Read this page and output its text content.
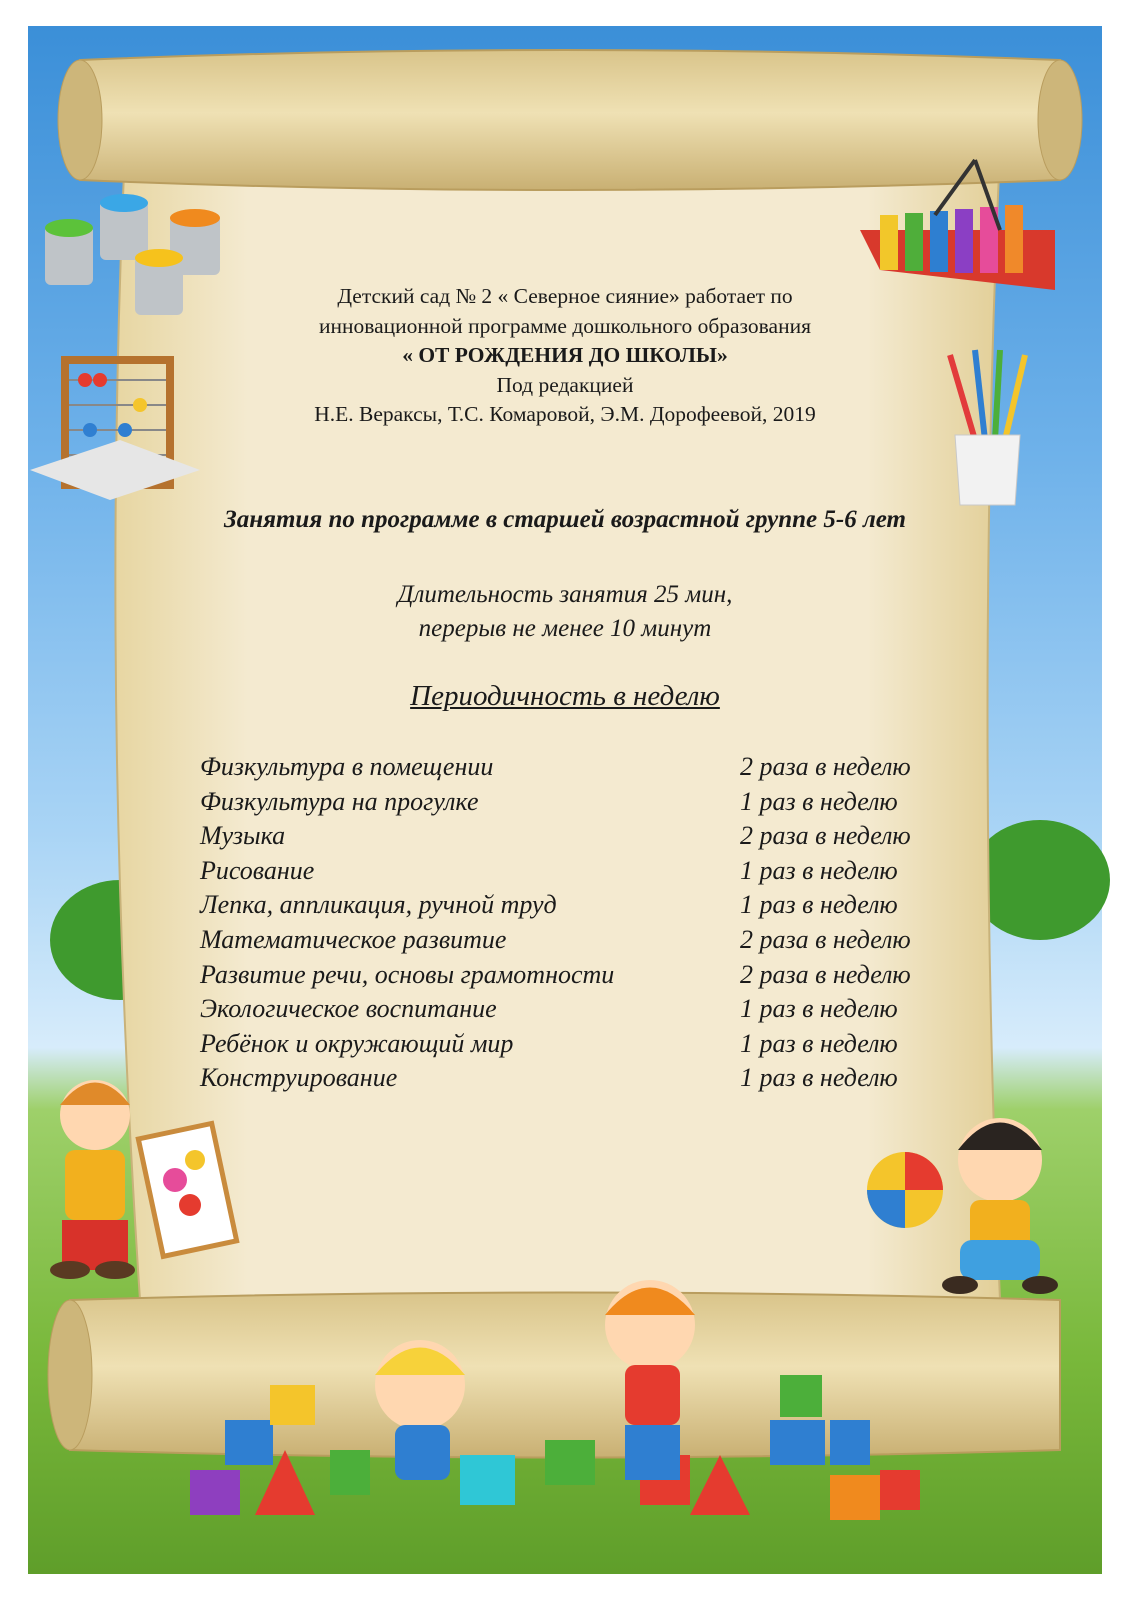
Детский сад № 2 « Северное сияние» работает по
инновационной программе дошкольного образования
« ОТ РОЖДЕНИЯ ДО ШКОЛЫ»
Под редакцией
Н.Е. Вераксы, Т.С. Комаровой, Э.М. Дорофеевой, 2019
Занятия по программе в старшей возрастной группе 5-6 лет
Длительность занятия 25 мин,
перерыв не менее 10 минут
Периодичность в неделю
Физкультура в помещении	2 раза в неделю
Физкультура на прогулке	1 раз в неделю
Музыка	2 раза в неделю
Рисование	1 раз в неделю
Лепка, аппликация, ручной труд	1 раз в неделю
Математическое развитие	2 раза в неделю
Развитие речи, основы грамотности	2 раза в неделю
Экологическое воспитание	1 раз в неделю
Ребёнок и окружающий мир	1 раз в неделю
Конструирование	1 раз в неделю
